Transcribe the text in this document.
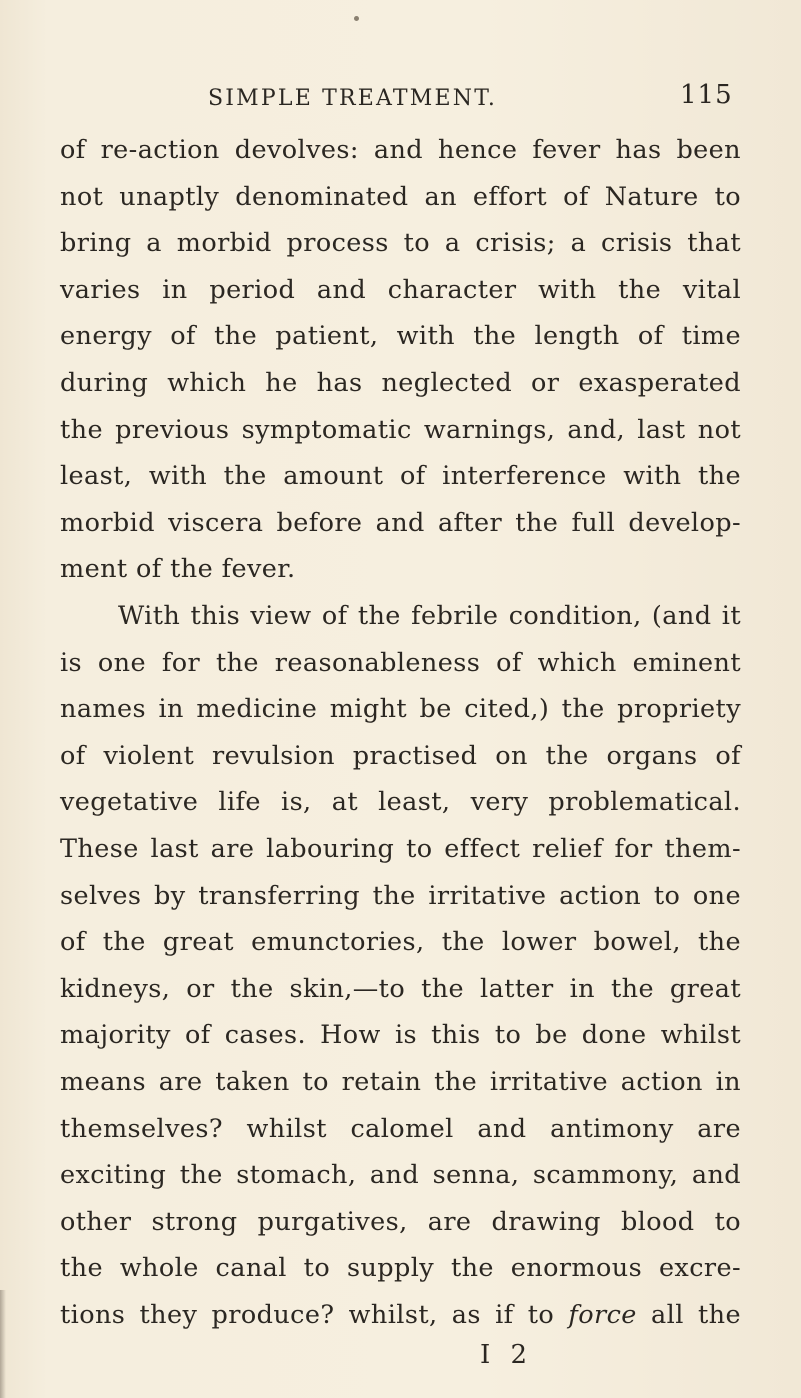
SIMPLE TREATMENT.	115
of re-action devolves: and hence fever has been
not unaptly denominated an effort of Nature to
bring a morbid process to a crisis; a crisis that
varies in period and character with the vital
energy of the patient, with the length of time
during which he has neglected or exasperated
the previous symptomatic warnings, and, last not
least, with the amount of interference with the
morbid viscera before and after the full develop-
ment of the fever.
With this view of the febrile condition, (and it
is one for the reasonableness of which eminent
names in medicine might be cited,) the propriety
of violent revulsion practised on the organs of
vegetative life is, at least, very problematical.
These last are labouring to effect relief for them-
selves by transferring the irritative action to one
of the great emunctories, the lower bowel, the
kidneys, or the skin,—to the latter in the great
majority of cases. How is this to be done whilst
means are taken to retain the irritative action in
themselves? whilst calomel and antimony are
exciting the stomach, and senna, scammony, and
other strong purgatives, are drawing blood to
the whole canal to supply the enormous excre-
tions they produce? whilst, as if to force all the
I 2
